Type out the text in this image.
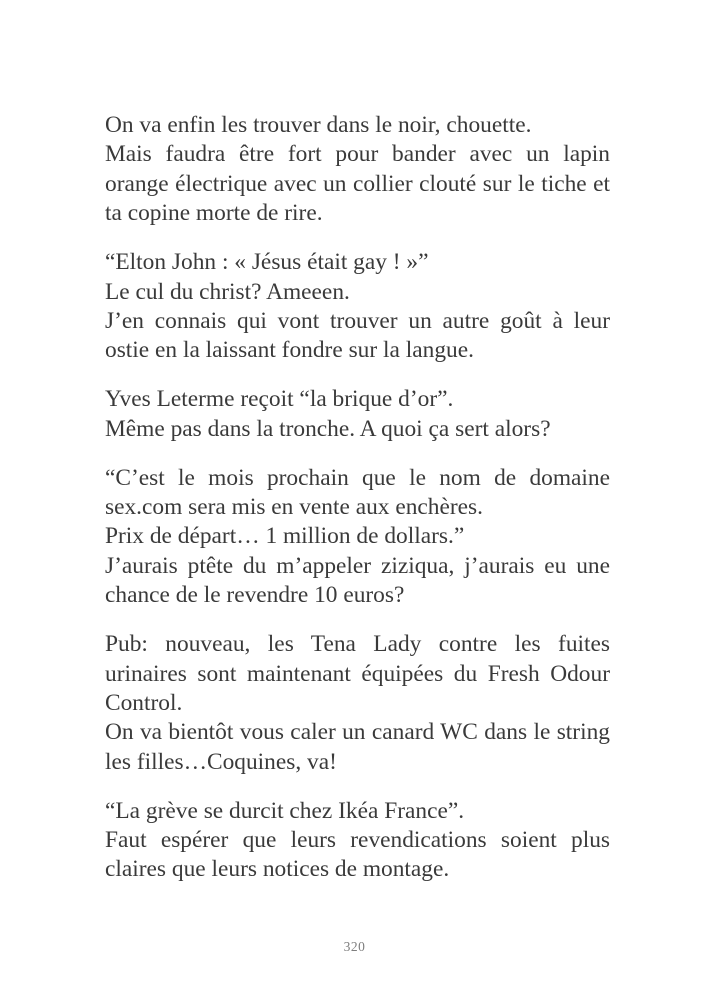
On va enfin les trouver dans le noir, chouette.
Mais faudra être fort pour bander avec un lapin orange électrique avec un collier clouté sur le tiche et ta copine morte de rire.
“Elton John : « Jésus était gay ! »”
Le cul du christ? Ameeen.
J’en connais qui vont trouver un autre goût à leur ostie en la laissant fondre sur la langue.
Yves Leterme reçoit “la brique d’or”.
Même pas dans la tronche. A quoi ça sert alors?
“C’est le mois prochain que le nom de domaine sex.com sera mis en vente aux enchères.
Prix de départ… 1 million de dollars.”
J’aurais ptête du m’appeler ziziqua, j’aurais eu une chance de le revendre 10 euros?
Pub: nouveau, les Tena Lady contre les fuites urinaires sont maintenant équipées du Fresh Odour Control.
On va bientôt vous caler un canard WC dans le string les filles…Coquines, va!
“La grève se durcit chez Ikéa France”.
Faut espérer que leurs revendications soient plus claires que leurs notices de montage.
320
